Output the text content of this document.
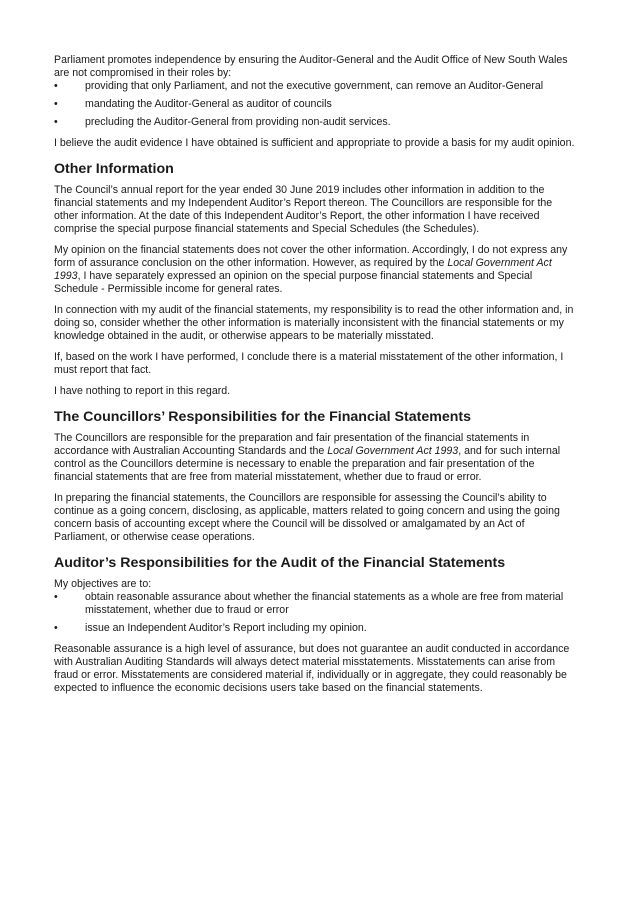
Parliament promotes independence by ensuring the Auditor-General and the Audit Office of New South Wales are not compromised in their roles by:

•	providing that only Parliament, and not the executive government, can remove an Auditor-General
•	mandating the Auditor-General as auditor of councils
•	precluding the Auditor-General from providing non-audit services.

I believe the audit evidence I have obtained is sufficient and appropriate to provide a basis for my audit opinion.

Other Information

The Council’s annual report for the year ended 30 June 2019 includes other information in addition to the financial statements and my Independent Auditor’s Report thereon. The Councillors are responsible for the other information. At the date of this Independent Auditor’s Report, the other information I have received comprise the special purpose financial statements and Special Schedules (the Schedules).

My opinion on the financial statements does not cover the other information. Accordingly, I do not express any form of assurance conclusion on the other information. However, as required by the Local Government Act 1993, I have separately expressed an opinion on the special purpose financial statements and Special Schedule - Permissible income for general rates.

In connection with my audit of the financial statements, my responsibility is to read the other information and, in doing so, consider whether the other information is materially inconsistent with the financial statements or my knowledge obtained in the audit, or otherwise appears to be materially misstated.

If, based on the work I have performed, I conclude there is a material misstatement of the other information, I must report that fact.

I have nothing to report in this regard.

The Councillors’ Responsibilities for the Financial Statements

The Councillors are responsible for the preparation and fair presentation of the financial statements in accordance with Australian Accounting Standards and the Local Government Act 1993, and for such internal control as the Councillors determine is necessary to enable the preparation and fair presentation of the financial statements that are free from material misstatement, whether due to fraud or error.

In preparing the financial statements, the Councillors are responsible for assessing the Council’s ability to continue as a going concern, disclosing, as applicable, matters related to going concern and using the going concern basis of accounting except where the Council will be dissolved or amalgamated by an Act of Parliament, or otherwise cease operations.

Auditor’s Responsibilities for the Audit of the Financial Statements

My objectives are to:

•	obtain reasonable assurance about whether the financial statements as a whole are free from material misstatement, whether due to fraud or error
•	issue an Independent Auditor’s Report including my opinion.

Reasonable assurance is a high level of assurance, but does not guarantee an audit conducted in accordance with Australian Auditing Standards will always detect material misstatements. Misstatements can arise from fraud or error. Misstatements are considered material if, individually or in aggregate, they could reasonably be expected to influence the economic decisions users take based on the financial statements.
